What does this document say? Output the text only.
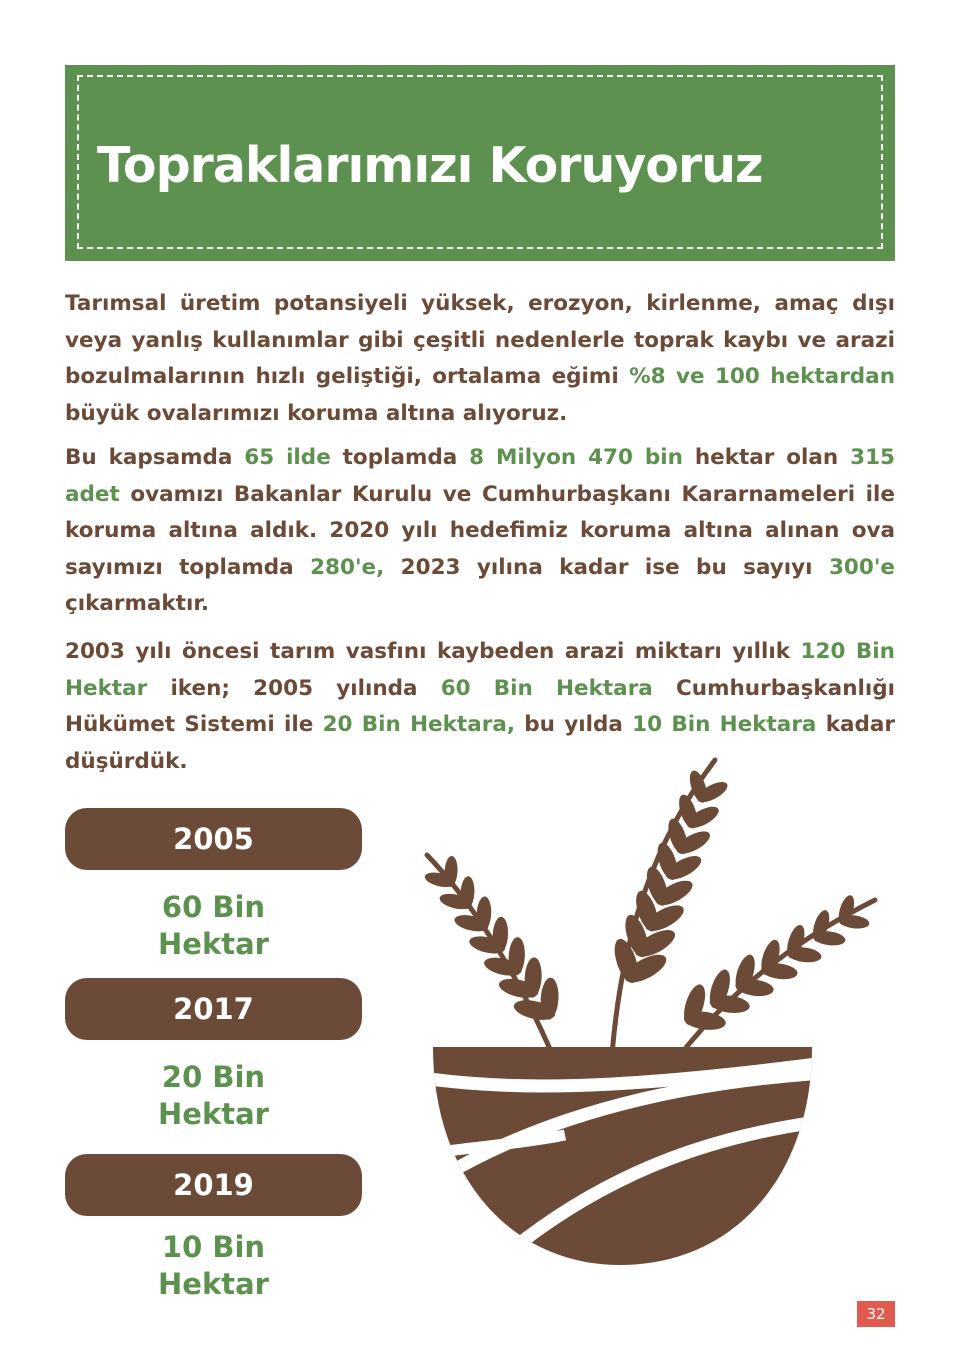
Topraklarımızı Koruyoruz
Tarımsal üretim potansiyeli yüksek, erozyon, kirlenme, amaç dışı veya yanlış kullanımlar gibi çeşitli nedenlerle toprak kaybı ve arazi bozulmalarının hızlı geliştiği, ortalama eğimi %8 ve 100 hektardan büyük ovalarımızı koruma altına alıyoruz.
Bu kapsamda 65 ilde toplamda 8 Milyon 470 bin hektar olan 315 adet ovamızı Bakanlar Kurulu ve Cumhurbaşkanı Kararnameleri ile koruma altına aldık. 2020 yılı hedefimiz koruma altına alınan ova sayımızı toplamda 280'e, 2023 yılına kadar ise bu sayıyı 300'e çıkarmaktır.
2003 yılı öncesi tarım vasfını kaybeden arazi miktarı yıllık 120 Bin Hektar iken; 2005 yılında 60 Bin Hektara Cumhurbaşkanlığı Hükümet Sistemi ile 20 Bin Hektara, bu yılda 10 Bin Hektara kadar düşürdük.
2005
60 Bin
Hektar
2017
20 Bin
Hektar
2019
10 Bin
Hektar
32
